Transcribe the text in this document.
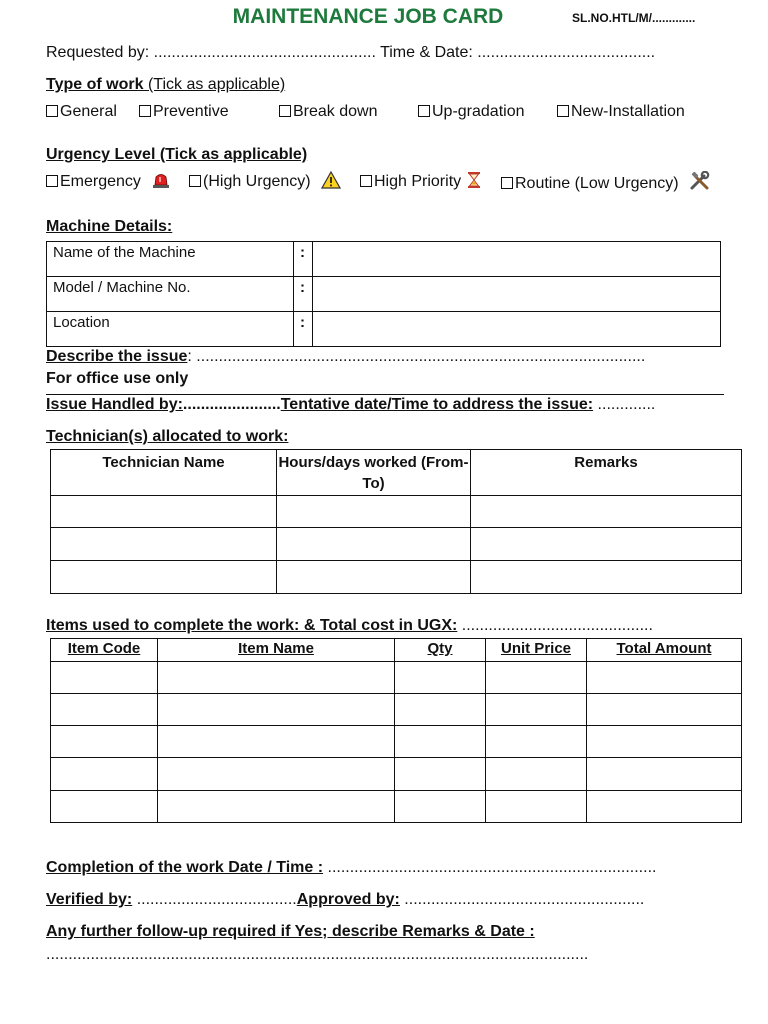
MAINTENANCE JOB CARD	SL.NO.HTL/M/.............
Requested by: .................................................. Time & Date: ........................................
Type of work (Tick as applicable)
General	Preventive	Break down	Up-gradation	New-Installation
Urgency Level (Tick as applicable)
Emergency	(High Urgency)	High Priority	Routine (Low Urgency)
Machine Details:
Name of the Machine	:	
Model / Machine No.	:	
Location	:	
Describe the issue: .....................................................................................................
For office use only
Issue Handled by:......................Tentative date/Time to address the issue: .............
Technician(s) allocated to work:
Technician Name	Hours/days worked (From-To)	Remarks

Items used to complete the work: & Total cost in UGX: ...........................................
Item Code	Item Name	Qty	Unit Price	Total Amount

Completion of the work Date / Time : ..........................................................................
Verified by: ....................................Approved by: ......................................................
Any further follow-up required if Yes; describe Remarks & Date :
..........................................................................................................................
